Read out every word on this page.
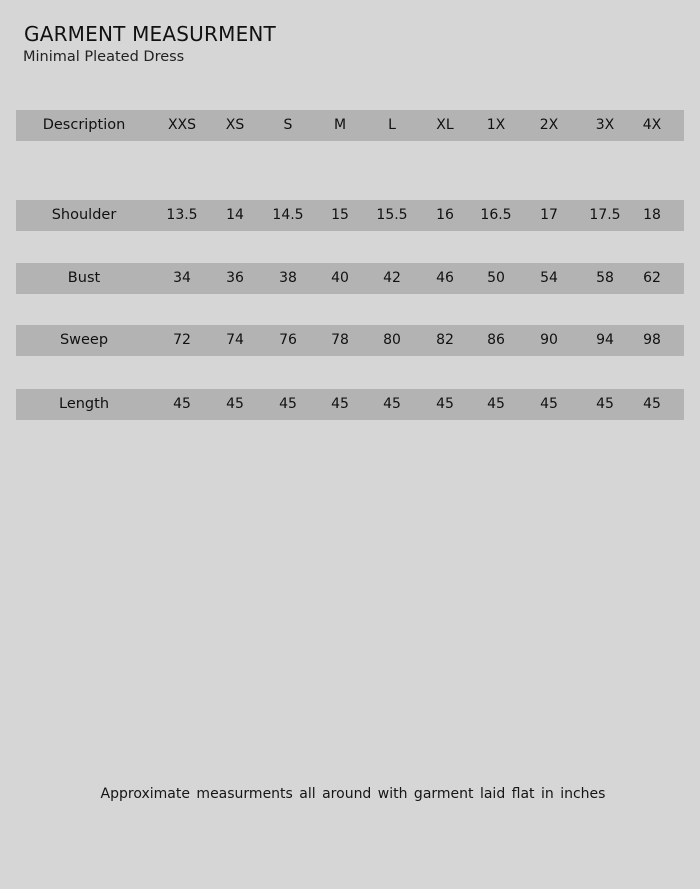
GARMENT MEASURMENT
Minimal Pleated Dress
Description	XXS XS	S	M	L	XL 1X 2X	3X 4X
Shoulder	13.5 14 14.5 15 15.5 16 16.5 17 17.5 18
Bust	34	36	38 40 42	46 50	54	58 62
Sweep	72	74	76 78 80	82 86	90	94 98
Length	45	45	45 45 45	45 45	45	45 45
Approximate measurments all around with garment laid flat in inches
